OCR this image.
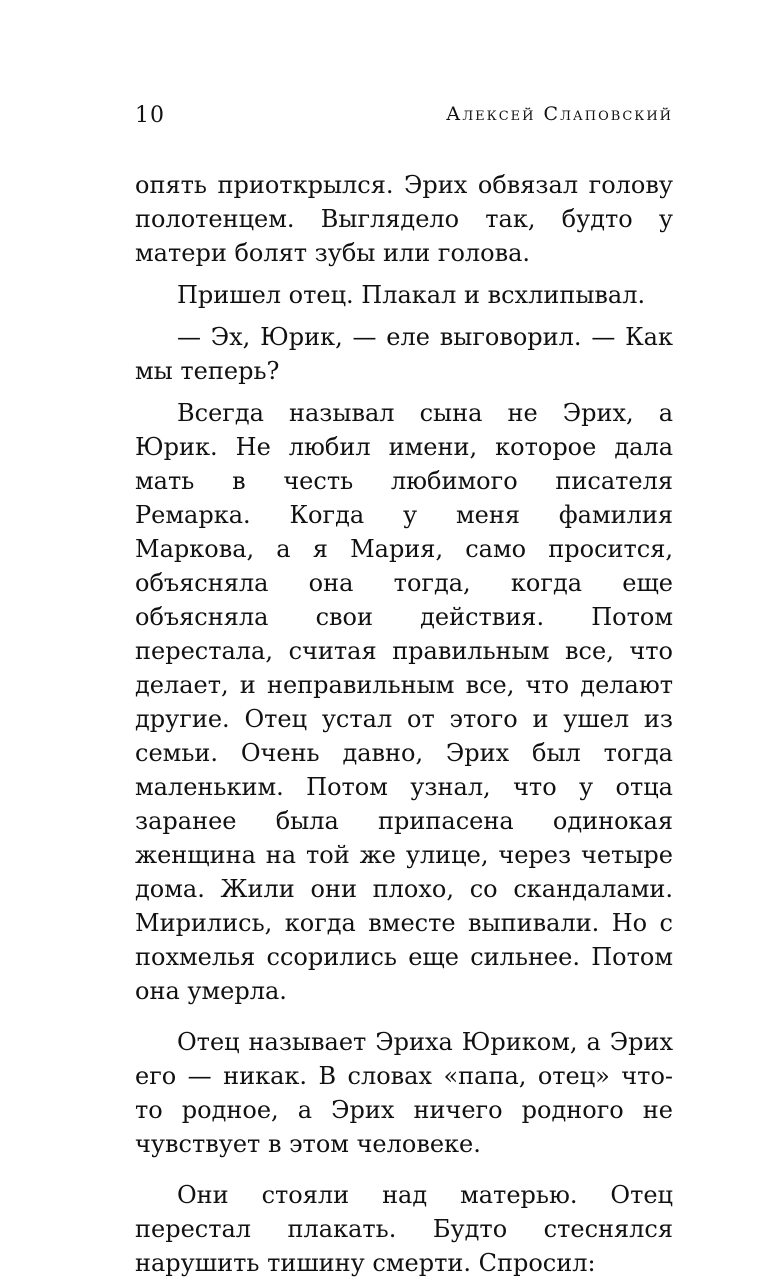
10	Алексей Слаповский

опять приоткрылся. Эрих обвязал голову полотенцем. Выглядело так, будто у матери болят зубы или голова.

Пришел отец. Плакал и всхлипывал.

— Эх, Юрик, — еле выговорил. — Как мы теперь?

Всегда называл сына не Эрих, а Юрик. Не любил имени, которое дала мать в честь любимого писателя Ремарка. Когда у меня фамилия Маркова, а я Мария, само просится, объясняла она тогда, когда еще объясняла свои действия. Потом перестала, считая правильным все, что делает, и неправильным все, что делают другие. Отец устал от этого и ушел из семьи. Очень давно, Эрих был тогда маленьким. Потом узнал, что у отца заранее была припасена одинокая женщина на той же улице, через четыре дома. Жили они плохо, со скандалами. Мирились, когда вместе выпивали. Но с похмелья ссорились еще сильнее. Потом она умерла.

Отец называет Эриха Юриком, а Эрих его — никак. В словах «папа, отец» что-то родное, а Эрих ничего родного не чувствует в этом человеке.

Они стояли над матерью. Отец перестал плакать. Будто стеснялся нарушить тишину смерти. Спросил:
